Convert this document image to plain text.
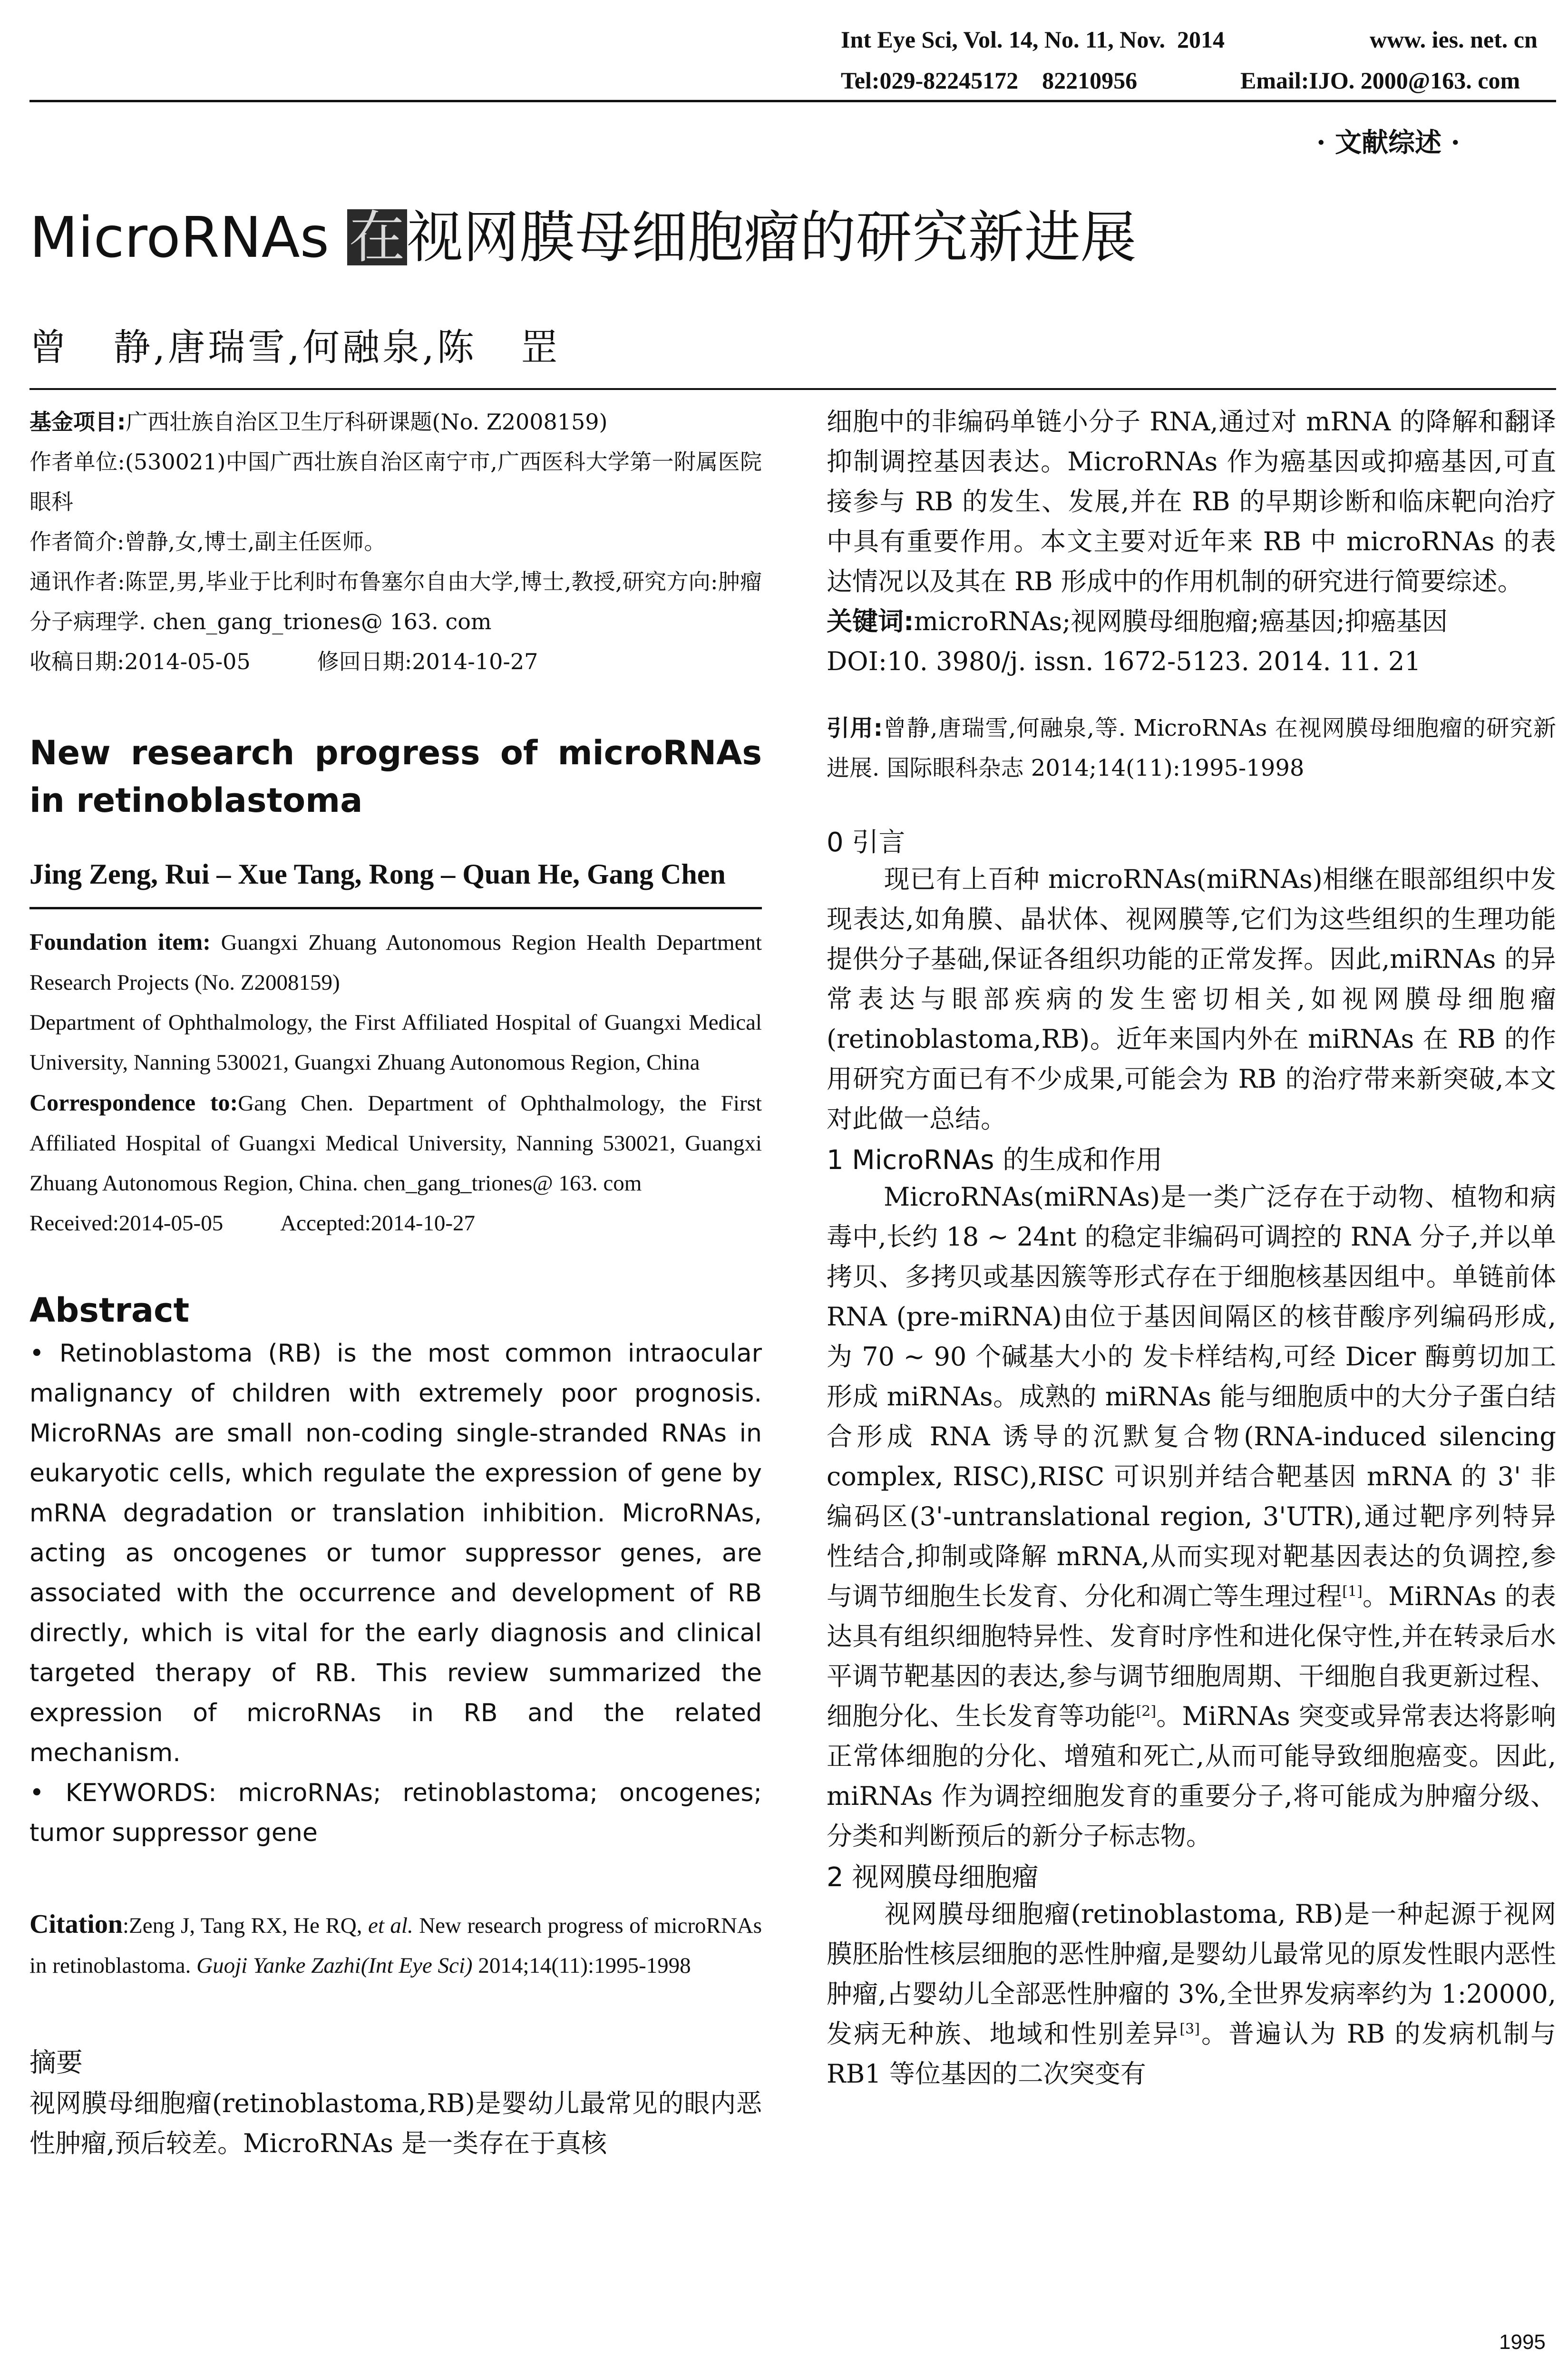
Int Eye Sci, Vol. 14, No. 11, Nov.  2014	www. ies. net. cn
Tel:029-82245172    82210956	Email:IJO. 2000@163. com
· 文献综述 ·
MicroRNAs 在视网膜母细胞瘤的研究新进展
曾   静,唐瑞雪,何融泉,陈   罡

基金项目:广西壮族自治区卫生厅科研课题(No. Z2008159)

作者单位:(530021)中国广西壮族自治区南宁市,广西医科大学第一附属医院眼科

作者简介:曾静,女,博士,副主任医师。

通讯作者:陈罡,男,毕业于比利时布鲁塞尔自由大学,博士,教授,研究方向:肿瘤分子病理学. chen_gang_triones@ 163. com

收稿日期:2014-05-05	修回日期:2014-10-27

New research progress of microRNAs in retinoblastoma
Jing Zeng, Rui – Xue Tang, Rong – Quan He, Gang Chen

Foundation item: Guangxi Zhuang Autonomous Region Health Department Research Projects (No. Z2008159)

Department of Ophthalmology, the First Affiliated Hospital of Guangxi Medical University, Nanning 530021, Guangxi Zhuang Autonomous Region, China

Correspondence to:Gang Chen. Department of Ophthalmology, the First Affiliated Hospital of Guangxi Medical University, Nanning 530021, Guangxi Zhuang Autonomous Region, China. chen_gang_triones@ 163. com

Received:2014-05-05	Accepted:2014-10-27

Abstract

• Retinoblastoma (RB) is the most common intraocular malignancy of children with extremely poor prognosis. MicroRNAs are small non-coding single-stranded RNAs in eukaryotic cells, which regulate the expression of gene by mRNA degradation or translation inhibition. MicroRNAs, acting as oncogenes or tumor suppressor genes, are associated with the occurrence and development of RB directly, which is vital for the early diagnosis and clinical targeted therapy of RB. This review summarized the expression of microRNAs in RB and the related mechanism.

• KEYWORDS: microRNAs; retinoblastoma; oncogenes; tumor suppressor gene

Citation:Zeng J, Tang RX, He RQ, et al. New research progress of microRNAs in retinoblastoma. Guoji Yanke Zazhi(Int Eye Sci) 2014;14(11):1995-1998
摘要
视网膜母细胞瘤(retinoblastoma,RB)是婴幼儿最常见的眼内恶性肿瘤,预后较差。MicroRNAs 是一类存在于真核
细胞中的非编码单链小分子 RNA,通过对 mRNA 的降解和翻译抑制调控基因表达。MicroRNAs 作为癌基因或抑癌基因,可直接参与 RB 的发生、发展,并在 RB 的早期诊断和临床靶向治疗中具有重要作用。本文主要对近年来 RB 中 microRNAs 的表达情况以及其在 RB 形成中的作用机制的研究进行简要综述。
关键词:microRNAs;视网膜母细胞瘤;癌基因;抑癌基因
DOI:10. 3980/j. issn. 1672-5123. 2014. 11. 21
引用:曾静,唐瑞雪,何融泉,等. MicroRNAs 在视网膜母细胞瘤的研究新进展. 国际眼科杂志 2014;14(11):1995-1998
0 引言
现已有上百种 microRNAs(miRNAs)相继在眼部组织中发现表达,如角膜、晶状体、视网膜等,它们为这些组织的生理功能提供分子基础,保证各组织功能的正常发挥。因此,miRNAs 的异常表达与眼部疾病的发生密切相关,如视网膜母细胞瘤(retinoblastoma,RB)。近年来国内外在 miRNAs 在 RB 的作用研究方面已有不少成果,可能会为 RB 的治疗带来新突破,本文对此做一总结。
1 MicroRNAs 的生成和作用
MicroRNAs(miRNAs)是一类广泛存在于动物、植物和病毒中,长约 18 ~ 24nt 的稳定非编码可调控的 RNA 分子,并以单拷贝、多拷贝或基因簇等形式存在于细胞核基因组中。单链前体 RNA (pre-miRNA)由位于基因间隔区的核苷酸序列编码形成,为 70 ~ 90 个碱基大小的 发卡样结构,可经 Dicer 酶剪切加工形成 miRNAs。成熟的 miRNAs 能与细胞质中的大分子蛋白结合形成 RNA 诱导的沉默复合物(RNA-induced silencing complex, RISC),RISC 可识别并结合靶基因 mRNA 的 3' 非编码区(3'-untranslational region, 3'UTR),通过靶序列特异性结合,抑制或降解 mRNA,从而实现对靶基因表达的负调控,参与调节细胞生长发育、分化和凋亡等生理过程[1]。MiRNAs 的表达具有组织细胞特异性、发育时序性和进化保守性,并在转录后水平调节靶基因的表达,参与调节细胞周期、干细胞自我更新过程、细胞分化、生长发育等功能[2]。MiRNAs 突变或异常表达将影响正常体细胞的分化、增殖和死亡,从而可能导致细胞癌变。因此, miRNAs 作为调控细胞发育的重要分子,将可能成为肿瘤分级、分类和判断预后的新分子标志物。
2 视网膜母细胞瘤
视网膜母细胞瘤(retinoblastoma, RB)是一种起源于视网膜胚胎性核层细胞的恶性肿瘤,是婴幼儿最常见的原发性眼内恶性肿瘤,占婴幼儿全部恶性肿瘤的 3%,全世界发病率约为 1:20000,发病无种族、地域和性别差异[3]。普遍认为 RB 的发病机制与 RB1 等位基因的二次突变有
1995
